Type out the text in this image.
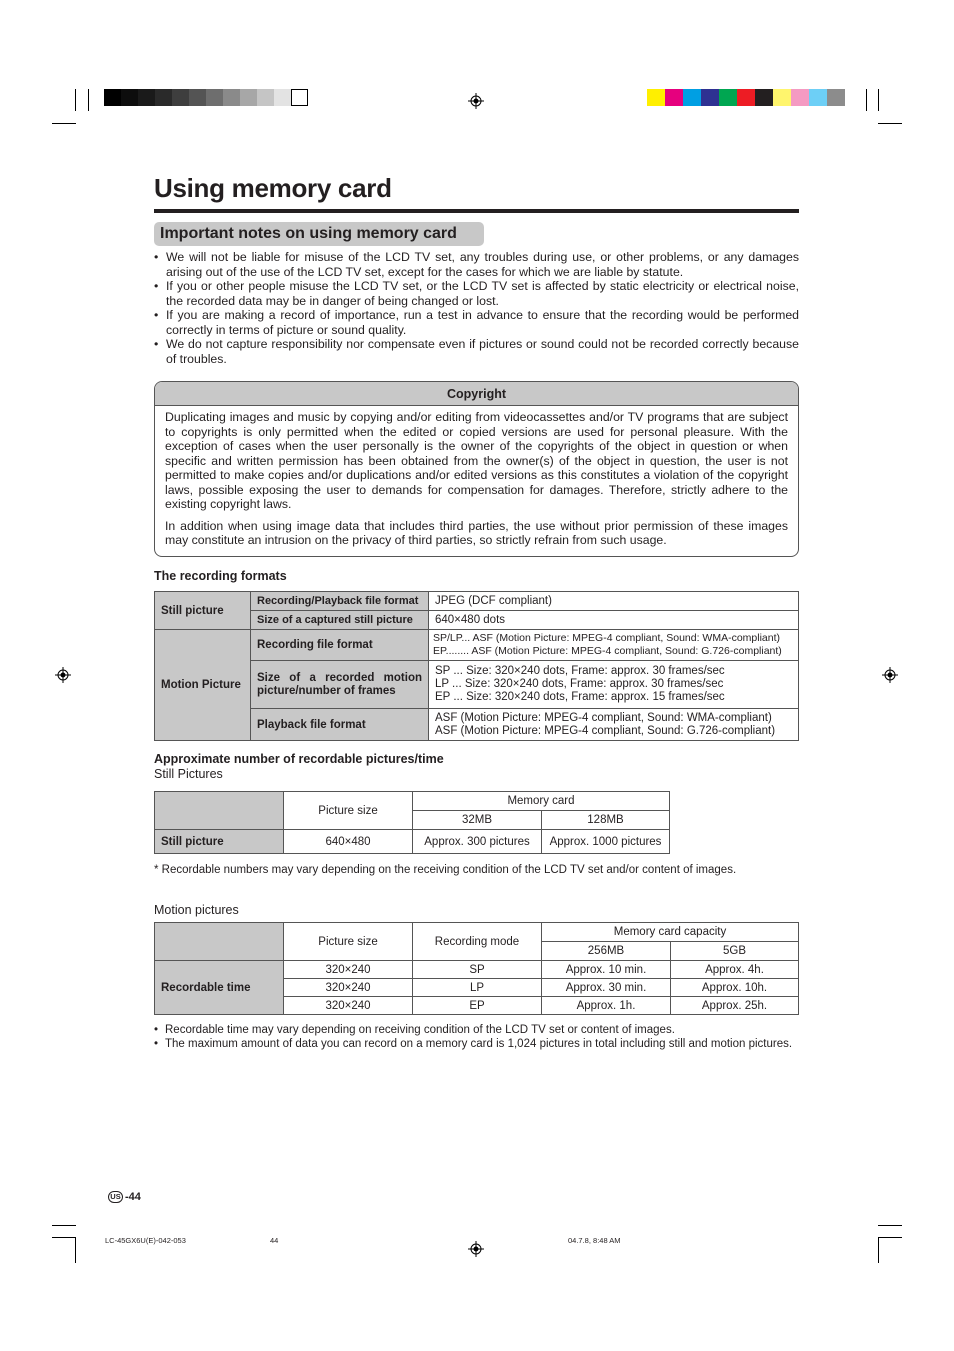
Using memory card
Important notes on using memory card
• We will not be liable for misuse of the LCD TV set, any troubles during use, or other problems, or any damages arising out of the use of the LCD TV set, except for the cases for which we are liable by statute.
• If you or other people misuse the LCD TV set, or the LCD TV set is affected by static electricity or electrical noise, the recorded data may be in danger of being changed or lost.
• If you are making a record of importance, run a test in advance to ensure that the recording would be performed correctly in terms of picture or sound quality.
• We do not capture responsibility nor compensate even if pictures or sound could not be recorded correctly because of troubles.
Copyright

Duplicating images and music by copying and/or editing from videocassettes and/or TV programs that are subject to copyrights is only permitted when the edited or copied versions are used for personal pleasure. With the exception of cases when the user personally is the owner of the copyrights of the object in question or when specific and written permission has been obtained from the owner(s) of the object in question, the user is not permitted to make copies and/or duplications and/or edited versions as this constitutes a violation of the copyright laws, possible exposing the user to demands for compensation for damages. Therefore, strictly adhere to the existing copyright laws.

In addition when using image data that includes third parties, the use without prior permission of these images may constitute an intrusion on the privacy of third parties, so strictly refrain from such usage.

The recording formats
Still picture	Recording/Playback file format	JPEG (DCF compliant)
	Size of a captured still picture	640×480 dots
Motion Picture	Recording file format	SP/LP... ASF (Motion Picture: MPEG-4 compliant, Sound: WMA-compliant)
EP........ ASF (Motion Picture: MPEG-4 compliant, Sound: G.726-compliant)

	Size of a recorded motion picture/number of frames	SP ... Size: 320×240 dots, Frame: approx. 30 frames/sec
LP ... Size: 320×240 dots, Frame: approx. 30 frames/sec
EP ... Size: 320×240 dots, Frame: approx. 15 frames/sec

	Playback file format	ASF (Motion Picture: MPEG-4 compliant, Sound: WMA-compliant)
ASF (Motion Picture: MPEG-4 compliant, Sound: G.726-compliant)
Approximate number of recordable pictures/time
Still Pictures
	Picture size	Memory card	
		32MB	128MB
Still picture	640×480	Approx. 300 pictures	Approx. 1000 pictures
* Recordable numbers may vary depending on the receiving condition of the LCD TV set and/or content of images.
Motion pictures
	Picture size	Recording mode	Memory card capacity	
			256MB	5GB
Recordable time	320×240	SP	Approx. 10 min.	Approx. 4h.
	320×240	LP	Approx. 30 min.	Approx. 10h.
	320×240	EP	Approx. 1h.	Approx. 25h.
• Recordable time may vary depending on receiving condition of the LCD TV set or content of images.
• The maximum amount of data you can record on a memory card is 1,024 pictures in total including still and motion pictures.
US -44
LC-45GX6U(E)-042-053	44	04.7.8, 8:48 AM
